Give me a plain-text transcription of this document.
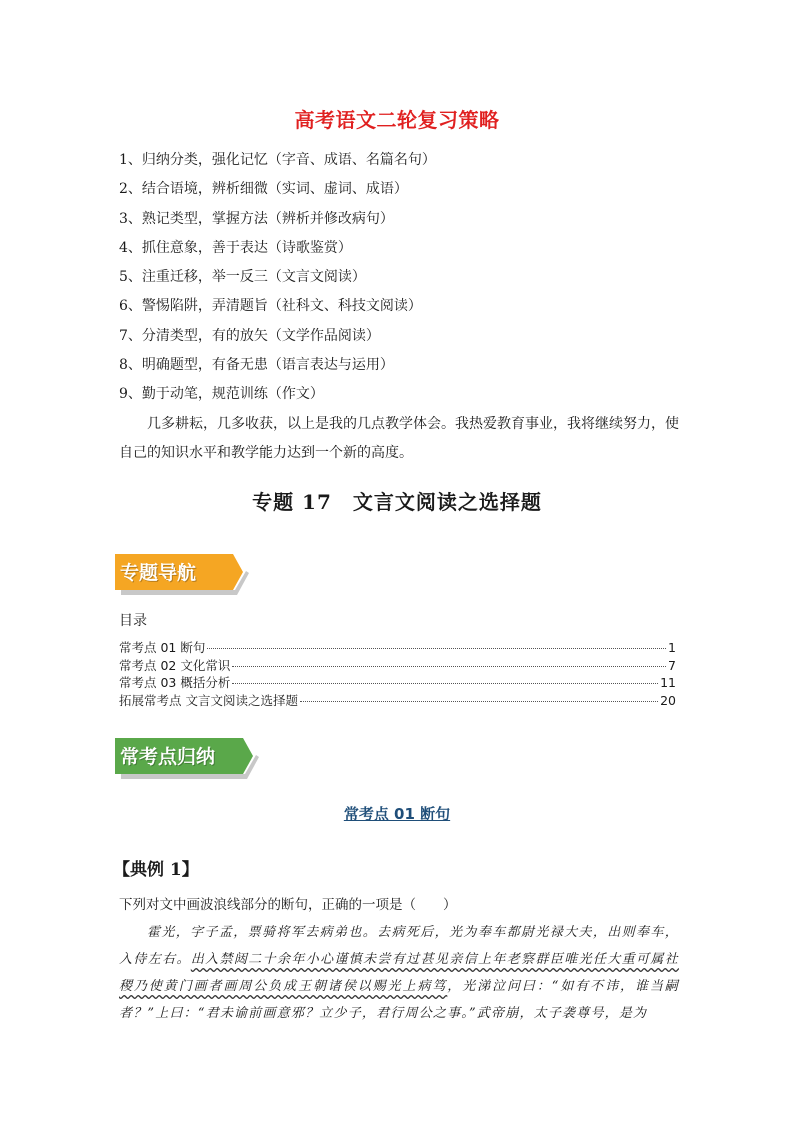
高考语文二轮复习策略
1、归纳分类，强化记忆（字音、成语、名篇名句）
2、结合语境，辨析细微（实词、虚词、成语）
3、熟记类型，掌握方法（辨析并修改病句）
4、抓住意象，善于表达（诗歌鉴赏）
5、注重迁移，举一反三（文言文阅读）
6、警惕陷阱，弄清题旨（社科文、科技文阅读）
7、分清类型，有的放矢（文学作品阅读）
8、明确题型，有备无患（语言表达与运用）
9、勤于动笔，规范训练（作文）
几多耕耘，几多收获，以上是我的几点教学体会。我热爱教育事业，我将继续努力，使自己的知识水平和教学能力达到一个新的高度。
专题 17　文言文阅读之选择题
专题导航
目录
常考点 01 断句	1
常考点 02 文化常识	7
常考点 03 概括分析	11
拓展常考点 文言文阅读之选择题	20
常考点归纳
常考点 01 断句
【典例 1】
下列对文中画波浪线部分的断句，正确的一项是（　　）
霍光，字子孟，票骑将军去病弟也。去病死后，光为奉车都尉光禄大夫，出则奉车，入侍左右。出入禁闼二十余年小心谨慎未尝有过甚见亲信上年老察群臣唯光任大重可属社稷乃使黄门画者画周公负成王朝诸侯以赐光上病笃，光涕泣问曰：“如有不讳，谁当嗣者？”上曰：“君未谕前画意邪？立少子，君行周公之事。”武帝崩，太子袭尊号，是为
